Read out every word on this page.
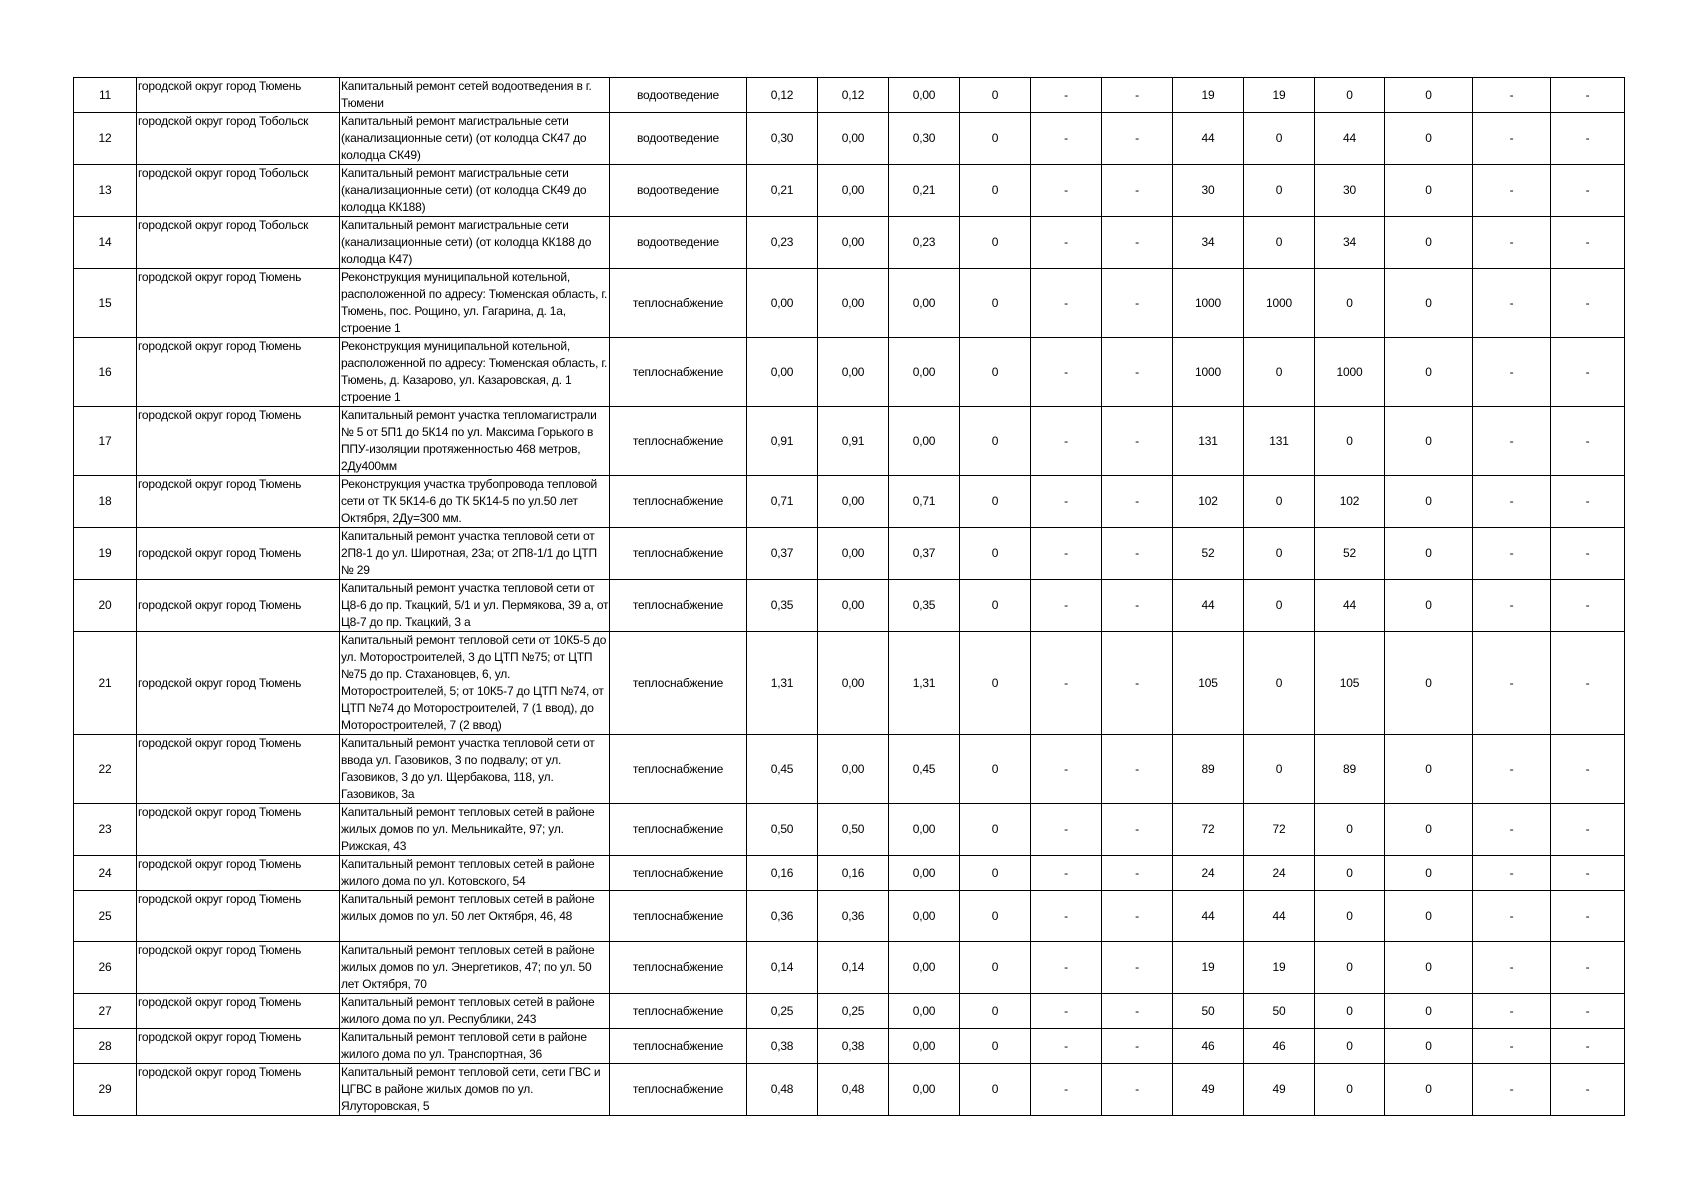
11	городской округ город Тюмень	Капитальный ремонт сетей водоотведения в г. Тюмени	водоотведение	0,12	0,12	0,00	0	-	-	19	19	0	0	-	-
12	городской округ город Тобольск	Капитальный ремонт магистральные сети (канализационные сети) (от колодца СК47 до колодца СК49)	водоотведение	0,30	0,00	0,30	0	-	-	44	0	44	0	-	-
13	городской округ город Тобольск	Капитальный ремонт магистральные сети (канализационные сети) (от колодца СК49 до колодца КК188)	водоотведение	0,21	0,00	0,21	0	-	-	30	0	30	0	-	-
14	городской округ город Тобольск	Капитальный ремонт магистральные сети (канализационные сети) (от колодца КК188 до колодца К47)	водоотведение	0,23	0,00	0,23	0	-	-	34	0	34	0	-	-
15	городской округ город Тюмень	Реконструкция муниципальной котельной, расположенной по адресу: Тюменская область, г. Тюмень, пос. Рощино, ул. Гагарина, д. 1а, строение 1	теплоснабжение	0,00	0,00	0,00	0	-	-	1000	1000	0	0	-	-
16	городской округ город Тюмень	Реконструкция муниципальной котельной, расположенной по адресу: Тюменская область, г. Тюмень, д. Казарово, ул. Казаровская, д. 1 строение 1	теплоснабжение	0,00	0,00	0,00	0	-	-	1000	0	1000	0	-	-
17	городской округ город Тюмень	Капитальный ремонт участка тепломагистрали № 5 от 5П1 до 5К14 по ул. Максима Горького в ППУ-изоляции протяженностью 468 метров, 2Ду400мм	теплоснабжение	0,91	0,91	0,00	0	-	-	131	131	0	0	-	-
18	городской округ город Тюмень	Реконструкция участка трубопровода тепловой сети от ТК 5К14-6 до ТК 5К14-5 по ул.50 лет Октября, 2Ду=300 мм.	теплоснабжение	0,71	0,00	0,71	0	-	-	102	0	102	0	-	-
19	городской округ город Тюмень	Капитальный ремонт участка тепловой сети от 2П8-1 до ул. Широтная, 23а; от 2П8-1/1 до ЦТП № 29	теплоснабжение	0,37	0,00	0,37	0	-	-	52	0	52	0	-	-
20	городской округ город Тюмень	Капитальный ремонт участка тепловой сети от Ц8-6 до пр. Ткацкий, 5/1 и ул. Пермякова, 39 а, от Ц8-7 до пр. Ткацкий, 3 а	теплоснабжение	0,35	0,00	0,35	0	-	-	44	0	44	0	-	-
21	городской округ город Тюмень	Капитальный ремонт тепловой сети от 10К5-5 до ул. Моторостроителей, 3 до ЦТП №75; от ЦТП №75 до пр. Стахановцев, 6, ул. Моторостроителей, 5; от 10К5-7 до ЦТП №74, от ЦТП №74 до Моторостроителей, 7 (1 ввод), до Моторостроителей, 7 (2 ввод)	теплоснабжение	1,31	0,00	1,31	0	-	-	105	0	105	0	-	-
22	городской округ город Тюмень	Капитальный ремонт участка тепловой сети от ввода ул. Газовиков, 3 по подвалу; от ул. Газовиков, 3 до ул. Щербакова, 118, ул. Газовиков, 3а	теплоснабжение	0,45	0,00	0,45	0	-	-	89	0	89	0	-	-
23	городской округ город Тюмень	Капитальный ремонт тепловых сетей в районе жилых домов по ул. Мельникайте, 97; ул. Рижская, 43	теплоснабжение	0,50	0,50	0,00	0	-	-	72	72	0	0	-	-
24	городской округ город Тюмень	Капитальный ремонт тепловых сетей в районе жилого дома по ул. Котовского, 54	теплоснабжение	0,16	0,16	0,00	0	-	-	24	24	0	0	-	-
25	городской округ город Тюмень	Капитальный ремонт тепловых сетей в районе жилых домов по ул. 50 лет Октября, 46, 48	теплоснабжение	0,36	0,36	0,00	0	-	-	44	44	0	0	-	-
26	городской округ город Тюмень	Капитальный ремонт тепловых сетей в районе жилых домов по ул. Энергетиков, 47; по ул. 50 лет Октября, 70	теплоснабжение	0,14	0,14	0,00	0	-	-	19	19	0	0	-	-
27	городской округ город Тюмень	Капитальный ремонт тепловых сетей в районе жилого дома по ул. Республики, 243	теплоснабжение	0,25	0,25	0,00	0	-	-	50	50	0	0	-	-
28	городской округ город Тюмень	Капитальный ремонт тепловой сети в районе жилого дома по ул. Транспортная, 36	теплоснабжение	0,38	0,38	0,00	0	-	-	46	46	0	0	-	-
29	городской округ город Тюмень	Капитальный ремонт тепловой сети, сети ГВС и ЦГВС в районе жилых домов по ул. Ялуторовская, 5	теплоснабжение	0,48	0,48	0,00	0	-	-	49	49	0	0	-	-
